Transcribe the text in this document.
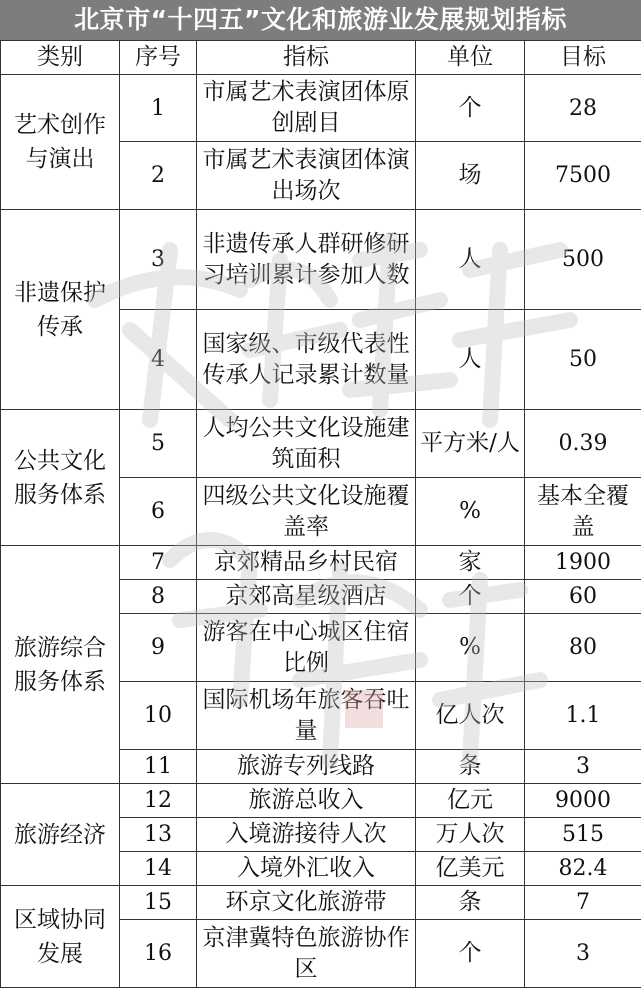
北京市“十四五”文化和旅游业发展规划指标
类别	序号	指标	单位	目标
艺术创作与演出	1	市属艺术表演团体原创剧目	个	28
	2	市属艺术表演团体演出场次	场	7500
非遗保护传承	3	非遗传承人群研修研习培训累计参加人数	人	500
	4	国家级、市级代表性传承人记录累计数量	人	50
公共文化服务体系	5	人均公共文化设施建筑面积	平方米/人	0.39
	6	四级公共文化设施覆盖率	%	基本全覆盖
旅游综合服务体系	7	京郊精品乡村民宿	家	1900
	8	京郊高星级酒店	个	60
	9	游客在中心城区住宿比例	%	80
	10	国际机场年旅客吞吐量	亿人次	1.1
	11	旅游专列线路	条	3
旅游经济	12	旅游总收入	亿元	9000
	13	入境游接待人次	万人次	515
	14	入境外汇收入	亿美元	82.4
区域协同发展	15	环京文化旅游带	条	7
	16	京津冀特色旅游协作区	个	3
